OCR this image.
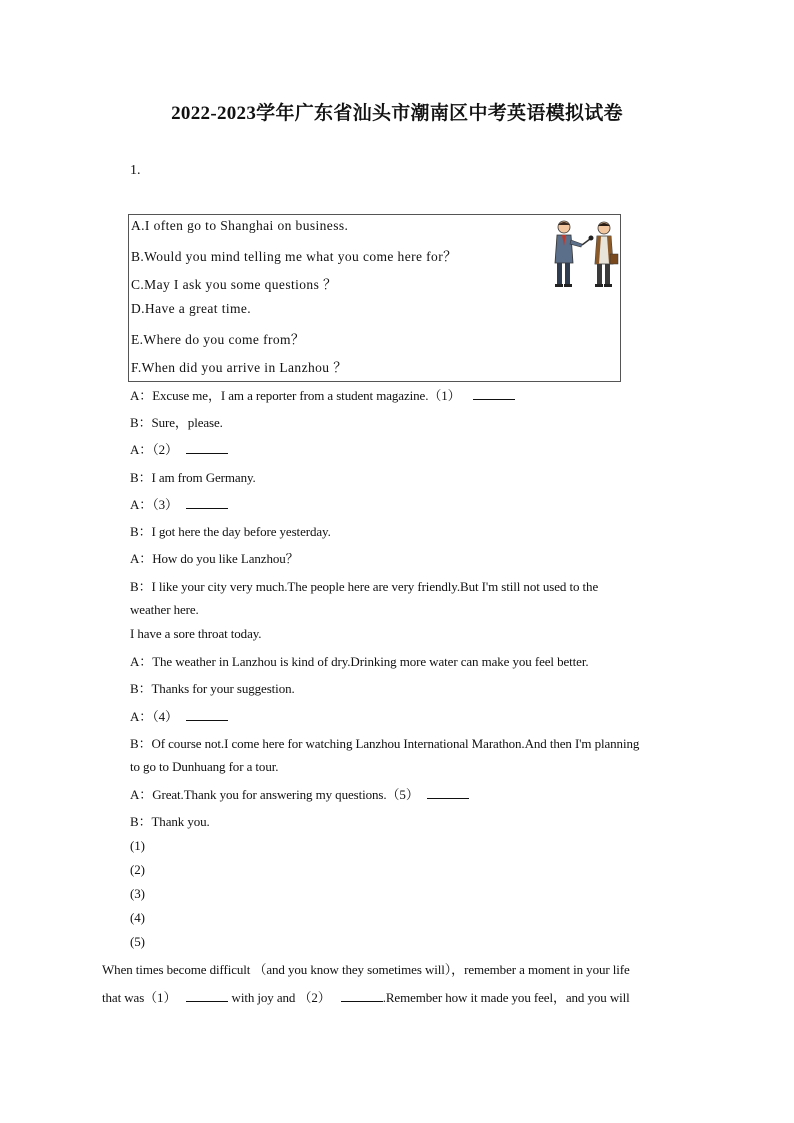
2022-2023学年广东省汕头市潮南区中考英语模拟试卷
1.
A.I often go to Shanghai on business.
B.Would you mind telling me what you come here for？
C.May I ask you some questions ？
D.Have a great time.
E.Where do you come from？
F.When did you arrive in Lanzhou ？
A：Excuse me，I am a reporter from a student magazine.（1）
B：Sure，please.
A：（2）
B：I am from Germany.
A：（3）
B：I got here the day before yesterday.
A：How do you like Lanzhou？
B：I like your city very much.The people here are very friendly.But I'm still not used to the
weather here.
I have a sore throat today.
A：The weather in Lanzhou is kind of dry.Drinking more water can make you feel better.
B：Thanks for your suggestion.
A：（4）
B：Of course not.I come here for watching Lanzhou International Marathon.And then I'm planning
to go to Dunhuang for a tour.
A：Great.Thank you for answering my questions.（5）
B：Thank you.
(1)
(2)
(3)
(4)
(5)
When times become difficult （and you know they sometimes will），remember a moment in your life
that was（1）	with joy and （2）	.Remember how it made you feel，and you will
